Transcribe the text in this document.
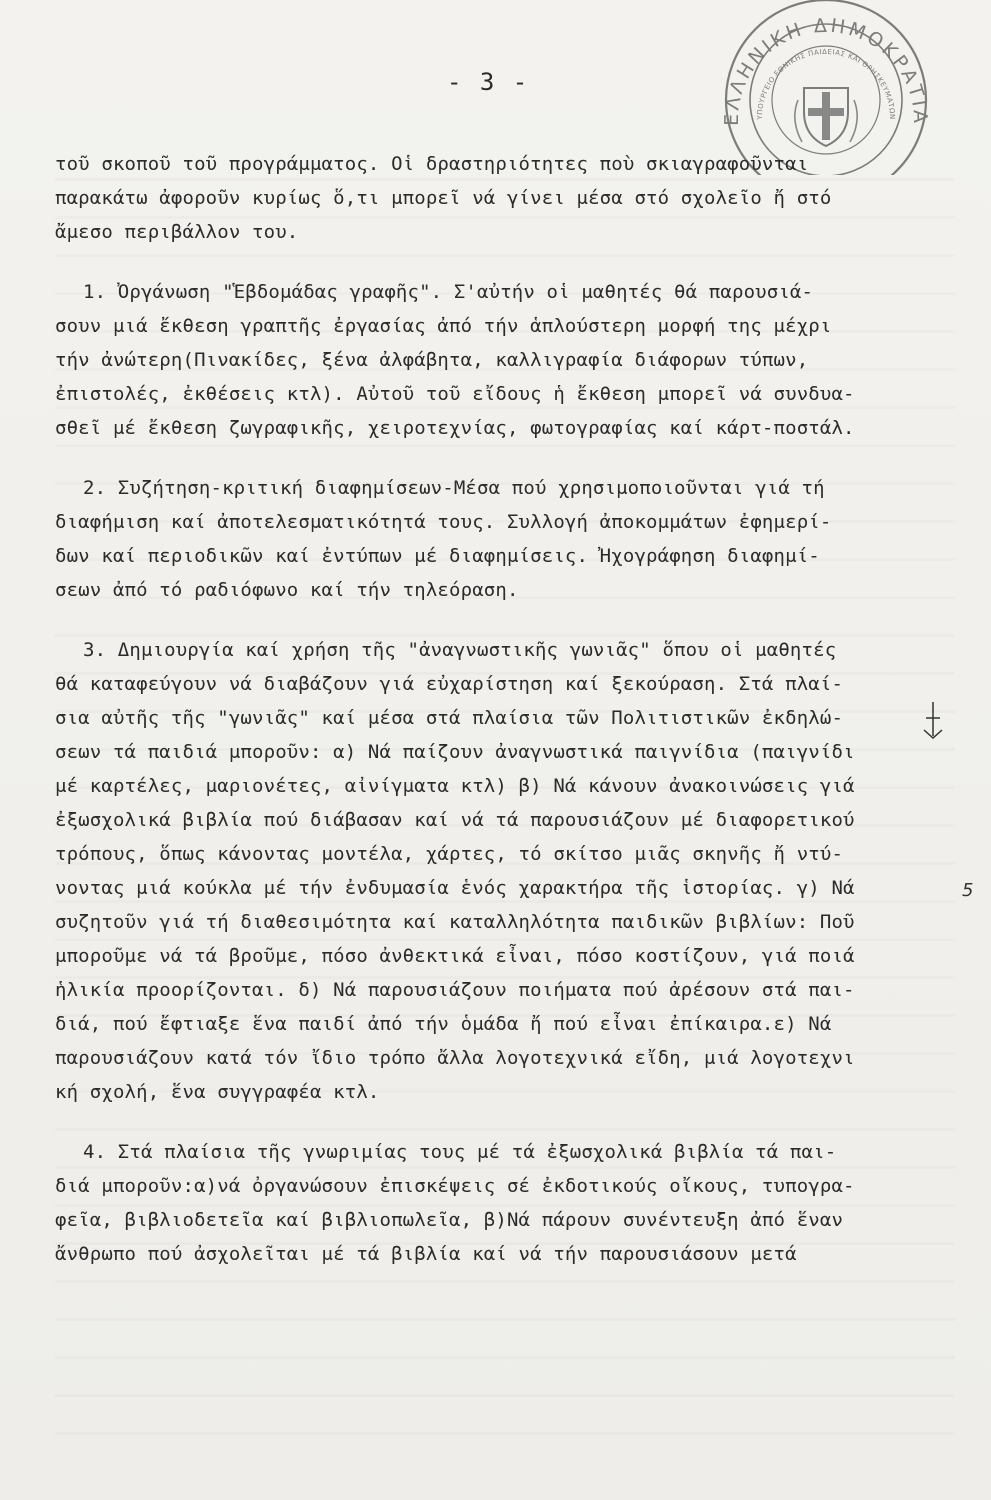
- 3 -
ΕΛΛΗΝΙΚΗ ΔΗΜΟΚΡΑΤΙΑ
ΥΠΟΥΡΓΕΙΟ ΕΘΝΙΚΗΣ ΠΑΙΔΕΙΑΣ ΚΑΙ ΘΡΗΣΚΕΥΜΑΤΩΝ
τοῦ σκοποῦ τοῦ προγράμματος. Οἱ δραστηριότητες ποὺ σκιαγραφοῦνται
παρακάτω ἀφοροῦν κυρίως ὅ,τι μπορεῖ νά γίνει μέσα στό σχολεῖο ἤ στό
ἄμεσο περιβάλλον του.
1. Ὀργάνωση "Ἑβδομάδας γραφῆς". Σ'αὐτήν οἱ μαθητές θά παρουσιά-
σουν μιά ἔκθεση γραπτῆς ἐργασίας ἀπό τήν ἁπλούστερη μορφή της μέχρι
τήν ἀνώτερη(Πινακίδες, ξένα ἀλφάβητα, καλλιγραφία διάφορων τύπων,
ἐπιστολές, ἐκθέσεις κτλ). Αὐτοῦ τοῦ εἴδους ἡ ἔκθεση μπορεῖ νά συνδυα-
σθεῖ μέ ἔκθεση ζωγραφικῆς, χειροτεχνίας, φωτογραφίας καί κάρτ-ποστάλ.
2. Συζήτηση-κριτική διαφημίσεων-Μέσα πού χρησιμοποιοῦνται γιά τή
διαφήμιση καί ἀποτελεσματικότητά τους. Συλλογή ἀποκομμάτων ἐφημερί-
δων καί περιοδικῶν καί ἐντύπων μέ διαφημίσεις. Ἠχογράφηση διαφημί-
σεων ἀπό τό ραδιόφωνο καί τήν τηλεόραση.
3. Δημιουργία καί χρήση τῆς "ἀναγνωστικῆς γωνιᾶς" ὅπου οἱ μαθητές
θά καταφεύγουν νά διαβάζουν γιά εὐχαρίστηση καί ξεκούραση. Στά πλαί-
σια αὐτῆς τῆς "γωνιᾶς" καί μέσα στά πλαίσια τῶν Πολιτιστικῶν ἐκδηλώ-
σεων τά παιδιά μποροῦν: α) Νά παίζουν ἀναγνωστικά παιγνίδια (παιγνίδι
μέ καρτέλες, μαριονέτες, αἰνίγματα κτλ) β) Νά κάνουν ἀνακοινώσεις γιά
ἐξωσχολικά βιβλία πού διάβασαν καί νά τά παρουσιάζουν μέ διαφορετικού
τρόπους, ὅπως κάνοντας μοντέλα, χάρτες, τό σκίτσο μιᾶς σκηνῆς ἤ ντύ-
νοντας μιά κούκλα μέ τήν ἐνδυμασία ἑνός χαρακτήρα τῆς ἱστορίας. γ) Νά
συζητοῦν γιά τή διαθεσιμότητα καί καταλληλότητα παιδικῶν βιβλίων: Ποῦ
μποροῦμε νά τά βροῦμε, πόσο ἀνθεκτικά εἶναι, πόσο κοστίζουν, γιά ποιά
ἡλικία προορίζονται. δ) Νά παρουσιάζουν ποιήματα πού ἀρέσουν στά παι-
διά, πού ἔφτιαξε ἕνα παιδί ἀπό τήν ὁμάδα ἤ πού εἶναι ἐπίκαιρα.ε) Νά
παρουσιάζουν κατά τόν ἴδιο τρόπο ἄλλα λογοτεχνικά εἴδη, μιά λογοτεχνι
κή σχολή, ἕνα συγγραφέα κτλ.
4. Στά πλαίσια τῆς γνωριμίας τους μέ τά ἐξωσχολικά βιβλία τά παι-
διά μποροῦν:α)νά ὀργανώσουν ἐπισκέψεις σέ ἐκδοτικούς οἴκους, τυπογρα-
φεῖα, βιβλιοδετεῖα καί βιβλιοπωλεῖα, β)Νά πάρουν συνέντευξη ἀπό ἕναν
ἄνθρωπο πού ἀσχολεῖται μέ τά βιβλία καί νά τήν παρουσιάσουν μετά
5
